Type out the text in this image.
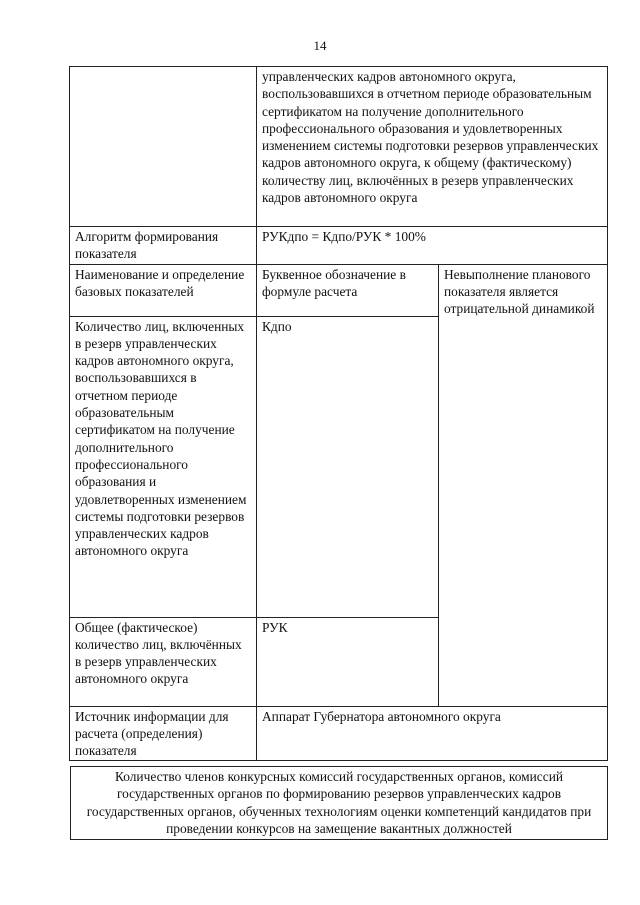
14
	управленческих кадров автономного округа, воспользовавшихся в отчетном периоде образовательным сертификатом на получение дополнительного профессионального образования и удовлетворенных изменением системы подготовки резервов управленческих кадров автономного округа, к общему (фактическому) количеству лиц, включённых в резерв управленческих кадров автономного округа	
Алгоритм формирования показателя	РУКдпо = Кдпо/РУК * 100%	
Наименование и определение базовых показателей	Буквенное обозначение в формуле расчета	Невыполнение планового показателя является отрицательной динамикой
Количество лиц, включенных в резерв управленческих кадров автономного округа, воспользовавшихся в отчетном периоде образовательным сертификатом на получение дополнительного профессионального образования и удовлетворенных изменением системы подготовки резервов управленческих кадров автономного округа	Кдпо	
Общее (фактическое) количество лиц, включённых в резерв управленческих автономного округа	РУК	
Источник информации для расчета (определения) показателя	Аппарат Губернатора автономного округа	
Количество членов конкурсных комиссий государственных органов, комиссий государственных органов по формированию резервов управленческих кадров государственных органов, обученных технологиям оценки компетенций кандидатов при проведении конкурсов на замещение вакантных должностей
